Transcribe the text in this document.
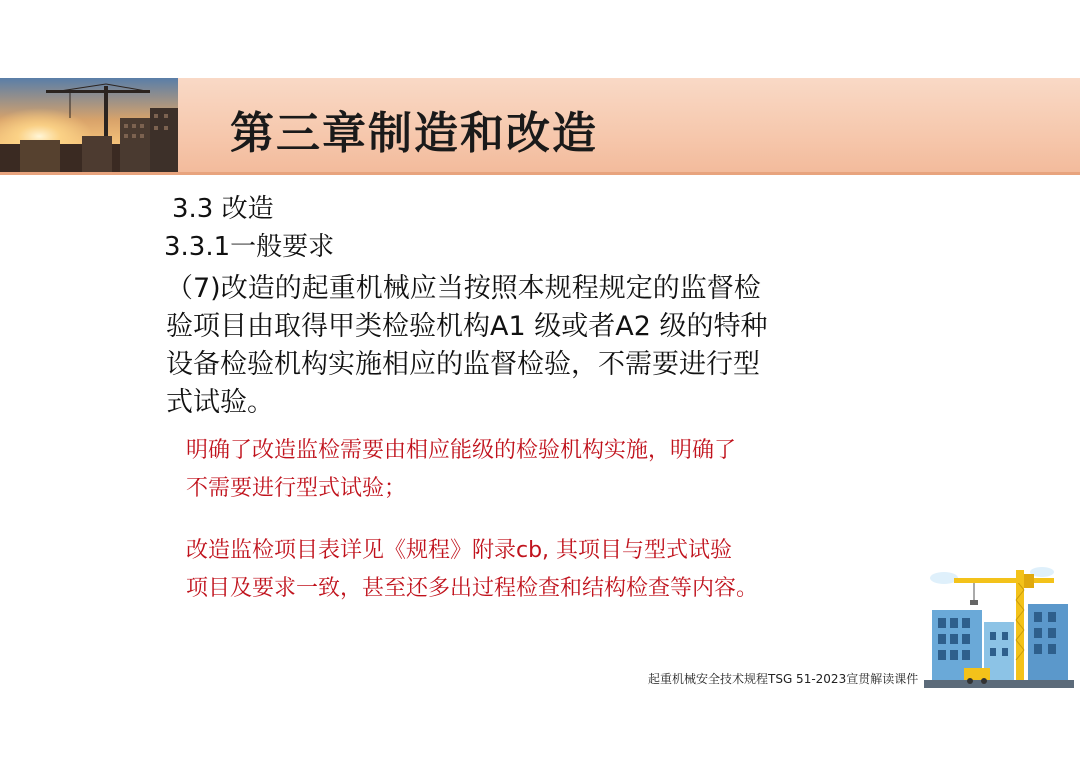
第三章制造和改造
3.3 改造
3.3.1一般要求
（7)改造的起重机械应当按照本规程规定的监督检
验项目由取得甲类检验机构A1 级或者A2 级的特种
设备检验机构实施相应的监督检验，不需要进行型
式试验。
明确了改造监检需要由相应能级的检验机构实施，明确了
不需要进行型式试验；
改造监检项目表详见《规程》附录cb, 其项目与型式试验
项目及要求一致，甚至还多出过程检查和结构检查等内容。
起重机械安全技术规程TSG 51-2023宣贯解读课件
